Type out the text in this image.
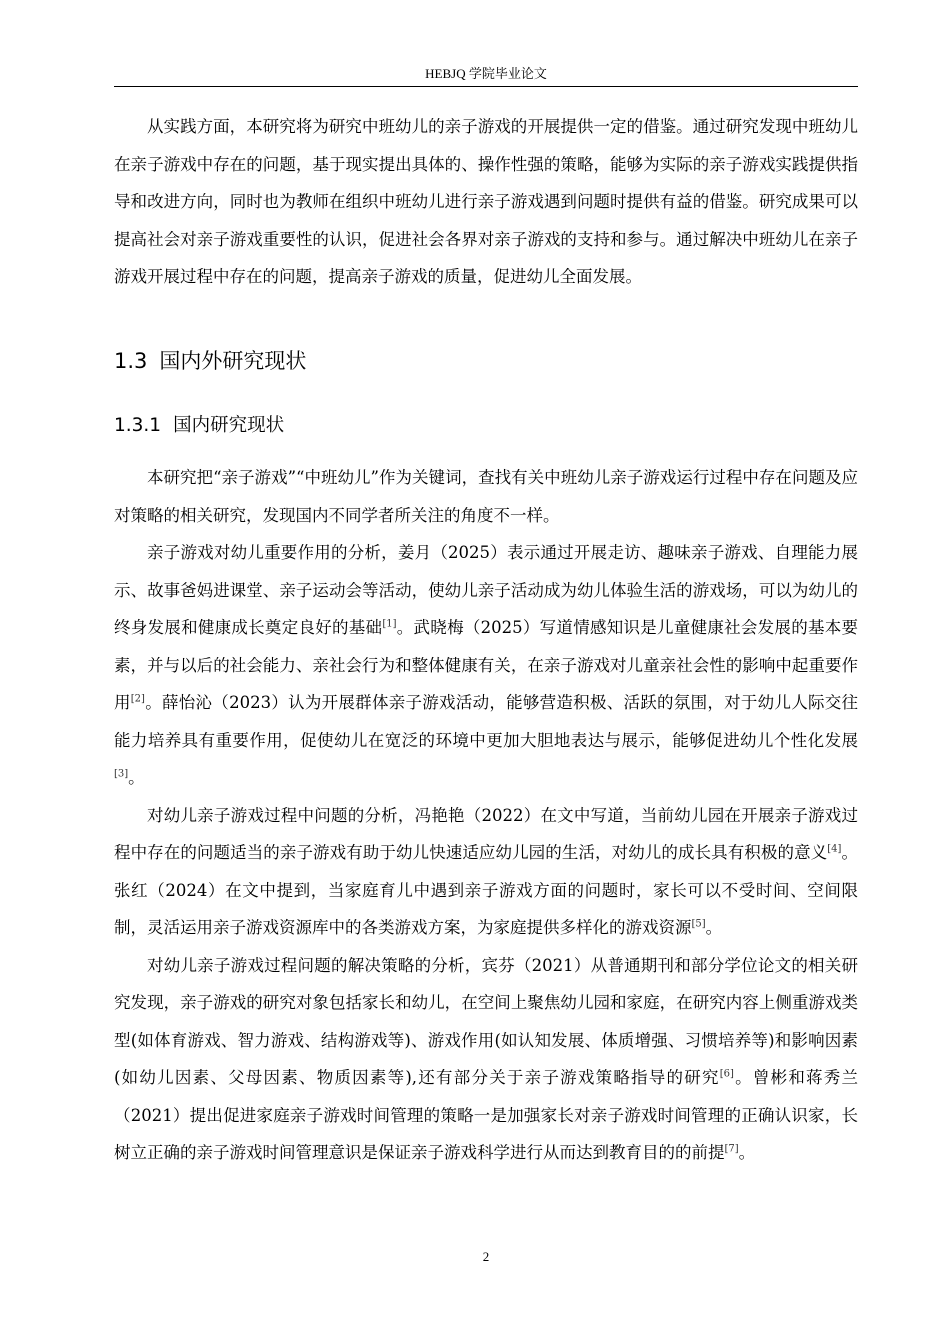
HEBJQ 学院毕业论文

从实践方面，本研究将为研究中班幼儿的亲子游戏的开展提供一定的借鉴。通过研究发现中班幼儿在亲子游戏中存在的问题，基于现实提出具体的、操作性强的策略，能够为实际的亲子游戏实践提供指导和改进方向，同时也为教师在组织中班幼儿进行亲子游戏遇到问题时提供有益的借鉴。研究成果可以提高社会对亲子游戏重要性的认识，促进社会各界对亲子游戏的支持和参与。通过解决中班幼儿在亲子游戏开展过程中存在的问题，提高亲子游戏的质量，促进幼儿全面发展。

1.3 国内外研究现状
1.3.1 国内研究现状

本研究把“亲子游戏”“中班幼儿”作为关键词，查找有关中班幼儿亲子游戏运行过程中存在问题及应对策略的相关研究，发现国内不同学者所关注的角度不一样。

亲子游戏对幼儿重要作用的分析，姜月（2025）表示通过开展走访、趣味亲子游戏、自理能力展示、故事爸妈进课堂、亲子运动会等活动，使幼儿亲子活动成为幼儿体验生活的游戏场，可以为幼儿的终身发展和健康成长奠定良好的基础[1]。武晓梅（2025）写道情感知识是儿童健康社会发展的基本要素，并与以后的社会能力、亲社会行为和整体健康有关，在亲子游戏对儿童亲社会性的影响中起重要作用[2]。薛怡沁（2023）认为开展群体亲子游戏活动，能够营造积极、活跃的氛围，对于幼儿人际交往能力培养具有重要作用，促使幼儿在宽泛的环境中更加大胆地表达与展示，能够促进幼儿个性化发展[3]。

对幼儿亲子游戏过程中问题的分析，冯艳艳（2022）在文中写道，当前幼儿园在开展亲子游戏过程中存在的问题适当的亲子游戏有助于幼儿快速适应幼儿园的生活，对幼儿的成长具有积极的意义[4]。张红（2024）在文中提到，当家庭育儿中遇到亲子游戏方面的问题时，家长可以不受时间、空间限制，灵活运用亲子游戏资源库中的各类游戏方案，为家庭提供多样化的游戏资源[5]。

对幼儿亲子游戏过程问题的解决策略的分析，宾芬（2021）从普通期刊和部分学位论文的相关研究发现，亲子游戏的研究对象包括家长和幼儿，在空间上聚焦幼儿园和家庭，在研究内容上侧重游戏类型(如体育游戏、智力游戏、结构游戏等)、游戏作用(如认知发展、体质增强、习惯培养等)和影响因素(如幼儿因素、父母因素、物质因素等),还有部分关于亲子游戏策略指导的研究[6]。曾彬和蒋秀兰（2021）提出促进家庭亲子游戏时间管理的策略一是加强家长对亲子游戏时间管理的正确认识家，长树立正确的亲子游戏时间管理意识是保证亲子游戏科学进行从而达到教育目的的前提[7]。

2
